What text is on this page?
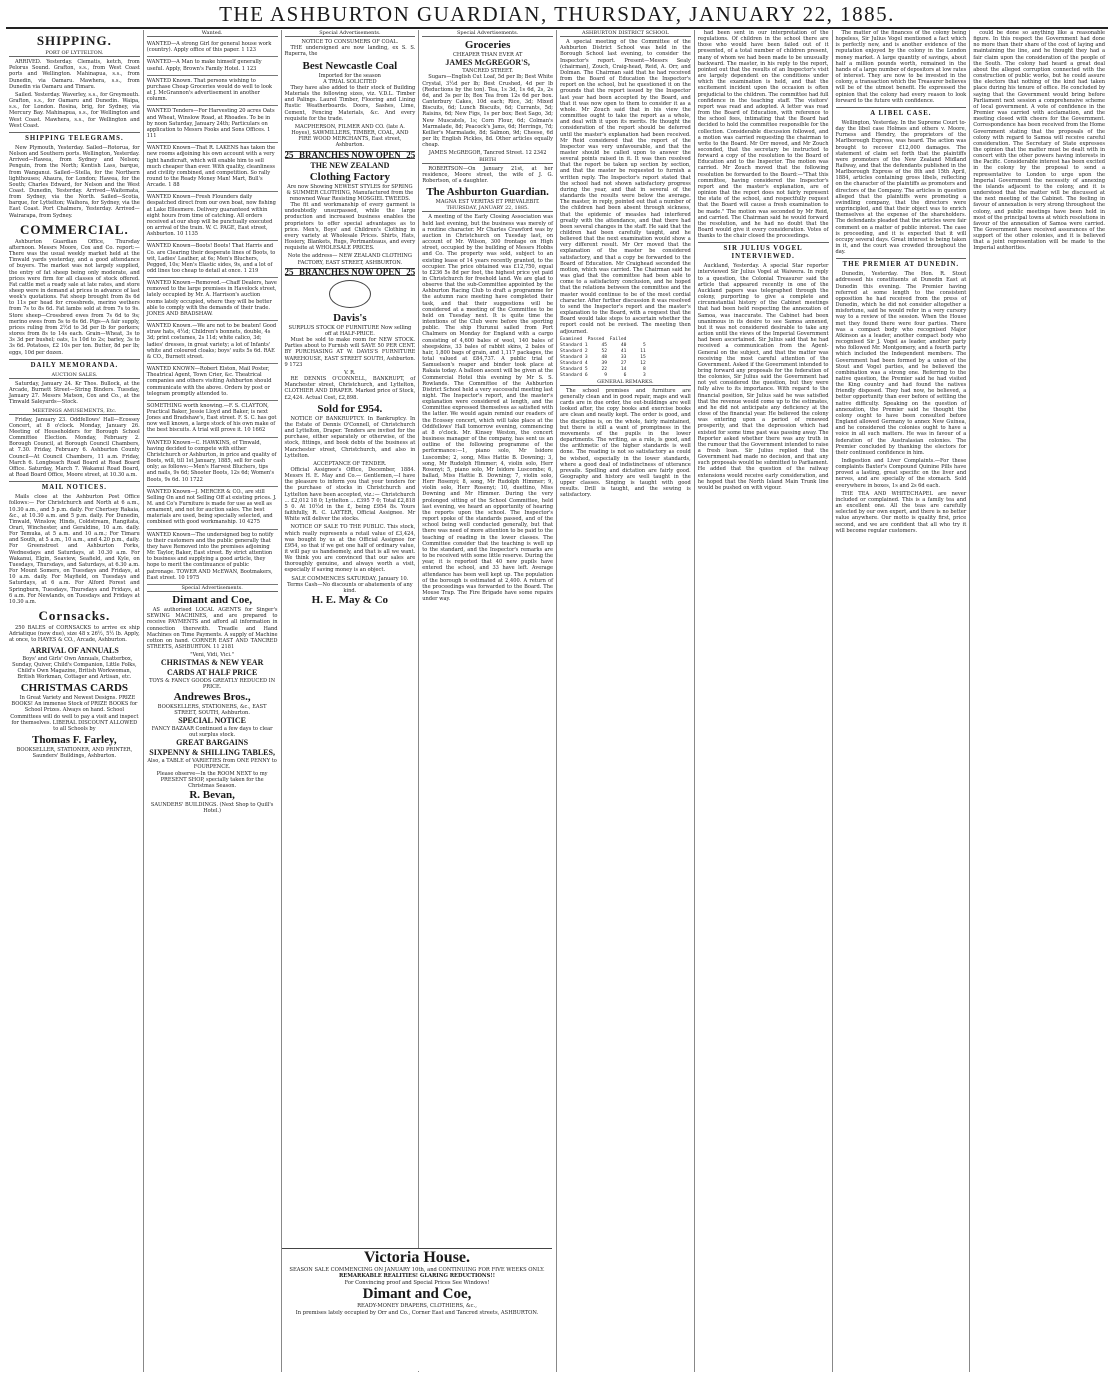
THE ASHBURTON GUARDIAN, THURSDAY, JANUARY 22, 1885.
SHIPPING.
PORT OF LYTTELTON.
ARRIVED. Yesterday. Clematis, ketch, from Pelorus Sound. Grafton, s.s., from West Coast ports and Wellington. Mahinapua, s.s., from Dunedin, via Oamaru. Mawhera, s.s., from Dunedin via Oamaru and Timaru.
Sailed. Yesterday. Waverley, s.s., for Greymouth. Grafton, s.s., for Oamaru and Dunedin. Waipa, s.s., for London. Rosina, brig, for Sydney, via Mercury Bay. Mahinapua, s.s., for Wellington and West Coast. Mawhera, s.s., for Wellington and West Coast.
SHIPPING TELEGRAMS.
New Plymouth, Yesterday. Sailed—Rotorua, for Nelson and Southern ports. Wellington, Yesterday. Arrived—Hawea, from Sydney and Nelson; Penguin, from the North; Kentish Lass, barque, from Wanganui. Sailed—Stella, for the Northern lighthouses; Ahaura, for London; Hawea, for the South; Charles Edward, for Nelson and the West Coast. Dunedin, Yesterday. Arrived—Waitemata, from Sydney, via the North. Sailed—Scotia, barque, for Lyttelton; Waihora, for Sydney, via the East Coast. Port Chalmers, Yesterday. Arrived—Wairarapa, from Sydney.
COMMERCIAL.
Ashburton Guardian Office, Thursday afternoon. Messrs Moore, Cox and Co. report:— There was the usual weekly market held at the Tinwald yards yesterday, and a good attendance of buyers. The market was not largely supplied, the entry of fat sheep being only moderate, and prices were firm for all classes of stock offered. Fat cattle met a ready sale at late rates, and store sheep were in demand at prices in advance of last week's quotations. Fat sheep brought from 8s 6d to 11s per head for crossbreds, merino wethers from 7s to 8s 6d. Fat lambs sold at from 7s to 9s. Store sheep—Crossbred ewes from 7s 6d to 9s; merino ewes from 5s to 6s 6d. Pigs—A fair supply, prices ruling from 2½d to 3d per lb for porkers; stores from 8s to 14s each. Grain—Wheat, 3s to 3s 3d per bushel; oats, 1s 10d to 2s; barley, 3s to 3s 6d. Potatoes, £2 10s per ton. Butter, 8d per lb; eggs, 10d per dozen.
DAILY MEMORANDA.
AUCTION SALES.
Saturday, January 24. Kr Thos. Bullock, at the Arcade, Burnett Street—String Binders. Tuesday, January 27. Messrs Matson, Cox and Co., at the Tinwald Saleyards—Stock.
MEETINGS AMUSEMENTS, Etc.
Friday, January 23. Oddfellows' Hall—Ecossey Concert, at 8 o'clock. Monday, January 26. Meeting of Householders for Borough School Committee Election. Monday, February 2. Borough Council, at Borough Council Chambers, at 7.30. Friday, February 6. Ashburton County Council—At Council Chambers, 11 a.m. Friday, March 6. Longbeach Road Board at Road Board Office. Saturday, March 7. Wakanui Road Board, at Road Board Office, Moore street, at 10.30 a.m.
MAIL NOTICES.
Mails close at the Ashburton Post Office follows:— For Christchurch and North at 6 a.m., 10.30 a.m., and 5 p.m. daily. For Chertsey Rakaia, &c., at 10.30 a.m. and 5 p.m. daily. For Dunedin, Tinwald, Winslow, Hinds, Coldstream, Rangitata, Orari, Winchester, and Geraldine, 10 a.m. daily. For Temuka, at 5 a.m. and 10 a.m.; For Timaru and South, at 5 a.m., 10 a.m., and 4.20 p.m., daily. For Greenstreet and Ashburton Forks, Wednesdays and Saturdays, at 10.30 a.m. For Wakanui, Elgin, Seaview, Seafield, and Kyle, on Tuesdays, Thursdays, and Saturdays, at 6.30 a.m. For Mount Somers, on Tuesdays and Fridays, at 10 a.m. daily. For Mayfield, on Tuesdays and Saturdays, at 6 a.m. For Alford Forest and Springburn, Tuesdays, Thursdays and Fridays, at 6 a.m. For Newlands, on Tuesdays and Fridays at 10.30 a.m.
Cornsacks.
250 BALES of CORNSACKS to arrive ex ship Adriatique (now due), size 48 x 26½, 5½ lb. Apply, at once, to HAYES & CO., Arcade, Ashburton.
ARRIVAL OF ANNUALS
Boys' and Girls' Own Annuals, Chatterbox, Sunday, Quiver, Child's Companion, Little Folks, Child's Own Magazine, British Workwoman, British Workman, Cottager and Artisan, etc.
CHRISTMAS CARDS
In Great Variety and Newest Designs. PRIZE BOOKS! An immense Stock of PRIZE BOOKS for School Prizes. Always on hand. School Committees will do well to pay a visit and inspect for themselves. LIBERAL DISCOUNT ALLOWED to all Schools by
Thomas F. Farley,
BOOKSELLER, STATIONER, AND PRINTER, Saunders' Buildings, Ashburton.
Wanted.
WANTED—A strong Girl for general house work (country). Apply office of this paper. 1 123
WANTED—A Man to make himself generally useful. Apply, Brown's Family Hotel. 1 123
WANTED Known. That persons wishing to purchase Cheap Groceries would do well to look at J. McGrannon's advertisement in another column.
WANTED Tenders—For Harvesting 20 acres Oats and Wheat, Winslow Road, at Rhoades. To be in by noon Saturday, January 24th; Particulars on application to Messrs Fooks and Sons Offices. 1 111
WANTED Known—That R. LAKENS has taken the new rooms adjoining his own account with a very light handicraft, which will enable him to sell much cheaper than ever. With quality, cleanliness and civility combined, and competition. So rally round to the Ready Money Man! Mart, Bull's Arcade. 1 88
WANTED Known—Fresh Flounders daily despatched direct from our own boat, now fishing at Lake Ellesmere. Delivery guaranteed within eight hours from time of catching. All orders received at our shop will be punctually executed on arrival of the train. W. C. PAGE, East street, Ashburton. 10 1135
WANTED Known—Boots! Boots! That Harris and Co. are Clearing their desperate lines of Boots, to wit, Ladies' Leather, at 6s; Men's Bluchers, Pegged, 10s; Men's Elastic sides, 9s, and a lot of odd lines too cheap to detail at once. 1 219
WANTED Known—Removed.—Chaff Dealers, have removed to the large premises in Havelock street, lately occupied by Mr. A. Harrison's auction rooms lately occupied, where they will be better able to comply with the demands of their trade. JONES AND BRADSHAW.
WANTED Known.—We are not to be beaten! Good straw hats, 4½d; Children's bonnets, double, 4s 3d; print costumes, 2s 11d; white calico, 3d; ladies' dresses, in great variety; a lot of Infants' white and coloured cloaks; boys' suits 5s 6d. RAE & CO., Burnett street.
WANTED KNOWN—Robert Elston, Mail Poster, Theatrical Agent, Town Crier, &c. Theatrical companies and others visiting Ashburton should communicate with the above. Orders by post or telegram promptly attended to.
SOMETHING worth knowing.—F. S. CLAYTON, Practical Baker, Jessie Lloyd and Baker, is next Jones and Bradshaw's, East street. F. S. C. has got now well known, a large stock of his own make of the best biscuits. A trial will prove it. 10 1662
WANTED Known—C. HAWKINS, of Tinwald, having decided to compete with either Christchurch or Ashburton, in price and quality of Boots, will, till 1st January, 1885, sell for cash only; as follows:—Men's Harvest Bluchers, tips and nails, 9s 6d; Shooter Boots, 12s 6d; Women's Boots, 9s 6d. 10 1722
WANTED Known—J. MERCER & CO., are still Selling On and not Selling Off at existing prices. J. M. and Co's Furniture is made for use as well as ornament, and not for auction sales. The best materials are used, being specially selected, and combined with good workmanship. 10 4275
WANTED Known—The undersigned beg to notify to their customers and the public generally that they have Removed into the premises adjoining Mr. Taylor, Baker, East street. By strict attention to business and supplying a good article, they hope to merit the continuance of public patronage. TOWER AND McEWAN, Bootmakers, East street. 10 1975
Special Advertisements.
Dimant and Coe,
AS authorised LOCAL AGENTS for Singer's SEWING MACHINES, and are prepared to receive PAYMENTS and afford all information in connection therewith. Treadle and Hand Machines on Time Payments. A supply of Machine cotton on hand. CORNER EAST AND TANCRED STREETS, ASHBURTON. 11 2181
"Veni, Vidi, Vici."
CHRISTMAS & NEW YEAR CARDS AT HALF PRICE
TOYS & FANCY GOODS GREATLY REDUCED IN PRICE.
Andrewes Bros.,
BOOKSELLERS, STATIONERS, &c., EAST STREET, SOUTH, Ashburton.
SPECIAL NOTICE
FANCY BAZAAR Continued a few days to clear out surplus stock.
GREAT BARGAINS
SIXPENNY & SHILLING TABLES,
Also, a TABLE of VARIETIES from ONE PENNY to FOURPENCE.
Please observe—In the ROOM NEXT to my PRESENT SHOP, specially taken for the Christmas Season.
R. Bevan,
SAUNDERS' BUILDINGS. (Next Shop to Quill's Hotel.)
Special Advertisements.
NOTICE TO CONSUMERS OF COAL.
THE undersigned are now landing, ex S. S. Ruperra, the
Best Newcastle Coal
Imported for the season
A TRIAL SOLICITED
They have also added to their stock of Building Materials the following sizes, viz. V.D.L. Timber and Palings. Laurel Timber, Flooring and Lining Rustic Weatherboards. Doors, Sashes, Lime, Cement, Fencing Materials, &c. And every requisite for the trade.
MACPHERSON, FILMER AND CO. (late A. Hoyes), SAWMILLERS, TIMBER, COAL, AND FIRE WOOD MERCHANTS, East street, Ashburton.
25 BRANCHES NOW OPEN 25
THE NEW ZEALAND
Clothing Factory
Are now Showing NEWEST STYLES for SPRING & SUMMER CLOTHING, Manufactured from the renowned Wear Resisting MOSGIEL TWEEDS.
The fit and workmanship of every garment is undoubtedly unsurpassed, while the large production and increased business enables the proprietors to offer special advantages as to price. Men's, Boys' and Children's Clothing in every variety at Wholesale Prices. Shirts, Hats, Hosiery, Blankets, Rugs, Portmanteaus, and every requisite at WHOLESALE PRICES.
Note the address— NEW ZEALAND CLOTHING FACTORY, EAST STREET, ASHBURTON.
25 BRANCHES NOW OPEN 25
Davis's
SURPLUS STOCK OF FURNITURE Now selling off at HALF-PRICE.
Must be sold to make room for NEW STOCK. Parties about to Furnish will SAVE 50 PER CENT. BY PURCHASING AT W. DAVIS'S FURNITURE WAREHOUSE, EAST STREET SOUTH, Ashburton. 9 1723
V. R.
RE DENNIS O'CONNELL, BANKRUPT, of Manchester street, Christchurch, and Lyttelton, CLOTHIER AND DRAPER. Marked price of Stock, £2,424. Actual Cost, £2,898.
Sold for £954.
NOTICE OF BANKRUPTCY. In Bankruptcy. In the Estate of Dennis O'Connell, of Christchurch and Lyttelton, Draper. Tenders are invited for the purchase, either separately or otherwise, of the stock, fittings, and book debts of the business at Manchester street, Christchurch, and also in Lyttelton.
ACCEPTANCE OF TENDER.
Official Assignee's Office, December, 1884. Messrs H. E. May and Co.— Gentlemen,—I have the pleasure to inform you that your tenders for the purchase of stocks in Christchurch and Lyttelton have been accepted, viz.:— Christchurch ... £2,012 18 0; Lyttelton ... £395 7 0; Total £2,818 5 0. At 10½d in the £, being £954 8s. Yours faithfully, R. C. LAYTER, Official Assignee. Mr White will deliver the stocks.
NOTICE OF SALE TO THE PUBLIC. This stock, which really represents a retail value of £3,424, was bought by us at the Official Assignee for £954, so that if we get one half of ordinary value, it will pay us handsomely, and that is all we want. We think you are convinced that our sales are thoroughly genuine, and always worth a visit, especially if saving money is an object.
SALE COMMENCES SATURDAY, January 10.
Terms Cash—No discounts or abatements of any kind.
H. E. May & Co
Special Advertisements.
Groceries
CHEAPER THAN EVER AT
JAMES McGREGOR'S,
TANCRED STREET.
Sugars—English Cut Loaf, 5d per lb; Best White Crystal, 3½d per lb; Best Crushed, 4d per lb (Reductions by the ton). Tea, 1s 3d, 1s 6d, 2s, 2s 6d, and 3s per lb; Box Tea from 12s 6d per box. Canterbury Cakes, 10d each; Rice, 3d; Mixed Biscuits, 6d; Lunch Biscuits, 6d; Currants, 5d; Raisins, 6d; New Figs, 1s per box; Best Sago, 3d; New Muscatels, 1s; Corn Flour, 6d; Colman's Marmalade, 8d; Peacock's Jams, 6d; Herrings, 7d; Keiller's Marmalade, 8d; Salmon, 9d; Cheese, 6d per lb; English Pickles, 8d. Other articles equally cheap.
JAMES McGREGOR, Tancred Street. 12 2342
BIRTH
ROBERTSON—On January 21st, at her residence, Moore street, the wife of J. G. Robertson, of a daughter.
The Ashburton Guardian.
MAGNA EST VERITAS ET PREVALEBIT.
THURSDAY, JANUARY 22, 1885.
A meeting of the Early Closing Association was held last evening, but the business was merely of a routine character. Mr Charles Crawford was by auction in Christchurch on Tuesday last, on account of Mr. Wilson, 300 frontage on High street, occupied by the building of Messrs Hobbs and Co. The property was sold, subject to an existing lease of 14 years recently granted, to the occupier. The price obtained was £12,750, equal to £236 5s 8d per foot, the highest price yet paid in Christchurch for freehold land. We are glad to observe that the sub-Committee appointed by the Ashburton Racing Club to draft a programme for the autumn race meeting have completed their task, and that their suggestions will be considered at a meeting of the Committee to be held on Tuesday next. It is quite time the intentions of the Club were before the sporting public. The ship Hurunui sailed from Port Chalmers on Monday for England with a cargo consisting of 4,600 bales of wool, 140 bales of sheepskins, 33 bales of rabbit skins, 2 bales of hair, 1,800 bags of grain, and 1,117 packages, the total valued at £84,737. A public trial of Samuelson's reaper and binder took place at Rakaia today. A balloon ascent will be given at the Commercial Hotel this evening by Mr S. S. Rowlands. The Committee of the Ashburton District School held a very successful meeting last night. The Inspector's report, and the master's explanation were considered at length, and the Committee expressed themselves as satisfied with the latter. We would again remind our readers of the Ecossey concert, which will take place at the Oddfellows' Hall tomorrow evening, commencing at 8 o'clock. Mr. Kinsey Weston, the concert business manager of the company, has sent us an outline of the following programme of the performance:—1, piano solo, Mr Isidore Luscombe; 2, song, Miss Hattie B. Downing; 3, song, Mr Rudolph Himmer; 4, violin solo, Herr Rosenyi; 5, piano solo, Mr Isidore Luscombe; 6, ballad, Miss Hattie B. Downing; 7, violin solo, Herr Rosenyi; 8, song, Mr Rudolph Himmer; 9, violin solo, Herr Rosenyi; 10, duettino, Miss Downing and Mr Himmer. During the very prolonged sitting of the School Committee, held last evening, we heard an opportunity of hearing the reports upon the school. The Inspector's report spoke of the standards passed, and of the school being well conducted generally, but that there was need of more attention to be paid to the teaching of reading in the lower classes. The Committee consider that the teaching is well up to the standard, and the Inspector's remarks are to be received with some little reserve. During the year, it is reported that 40 new pupils have entered the school, and 33 have left. Average attendance has been well kept up. The population of the borough is estimated at 2,400. A return of the proceedings was forwarded to the Board. The Mouse Trap. The Fire Brigade have some repairs under way.
ASHBURTON DISTRICT SCHOOL
A special meeting of the Committee of the Ashburton District School was held in the Borough School last evening, to consider the Inspector's report. Present—Messrs Sealy (chairman), Zouch, Craig-head, Reid, A. Orr, and Dolman. The Chairman said that he had received from the Board of Education the Inspector's report on the school, but he questioned it on the grounds that the report issued by the Inspector last year had been accepted by the Board, and that it was now open to them to consider it as a whole. Mr Zouch said that in his view the committee ought to take the report as a whole, and deal with it upon its merits. He thought the consideration of the report should be deferred until the master's explanation had been received. Mr Reid considered that the report of the Inspector was very unfavourable, and that the master should be called upon to answer the several points raised in it. It was then resolved that the report be taken up section by section, and that the master be requested to furnish a written reply. The Inspector's report stated that the school had not shown satisfactory progress during the year, and that in several of the standards the results were below the average. The master, in reply, pointed out that a number of the children had been absent through sickness, that the epidemic of measles had interfered greatly with the attendance, and that there had been several changes in the staff. He said that the children had been carefully taught, and he believed that the next examination would show a very different result. Mr Orr moved that the explanation of the master be considered satisfactory, and that a copy be forwarded to the Board of Education. Mr Craighead seconded the motion, which was carried. The Chairman said he was glad that the committee had been able to come to a satisfactory conclusion, and he hoped that the relations between the committee and the master would continue to be of the most cordial character. After further discussion it was resolved to send the Inspector's report and the master's explanation to the Board, with a request that the Board would take steps to ascertain whether the report could not be revised. The meeting then adjourned.
Examined  Passed  Failed
Standard 1     45     40      5
Standard 2     52     41     11
Standard 3     48     33     15
Standard 4     39     27     12
Standard 5     22     14      8
Standard 6      9      6      3
GENERAL REMARKS.
The school premises and furniture are generally clean and in good repair, maps and wall cards are in due order, the out-buildings are well looked after, the copy books and exercise books are clean and neatly kept. The order is good, and the discipline is, on the whole, fairly maintained, but there is still a want of promptness in the movements of the pupils in the lower departments. The writing, as a rule, is good, and the arithmetic of the higher standards is well done. The reading is not so satisfactory as could be wished, especially in the lower standards, where a good deal of indistinctness of utterance prevails. Spelling and dictation are fairly good. Geography and history are well taught in the upper classes. Singing is taught with good results. Drill is taught, and the sewing is satisfactory.
had been sent in our interpretation of the regulations. Of children in the school there are those who would have been failed out of it presented, of a total number of children present, many of whom we had been made to be unusually backward. The master, in his reply to the report, pointed out that the results of an Inspector's visit are largely dependent on the conditions under which the examination is held, and that the excitement incident upon the occasion is often prejudicial to the children. The committee had full confidence in the teaching staff. The visitors' report was read and adopted. A letter was read from the Board of Education, with reference to the school fees, intimating that the Board had decided to hold the committee responsible for the collection. Considerable discussion followed, and a motion was carried requesting the chairman to write to the Board. Mr Orr moved, and Mr Zouch seconded, that the secretary be instructed to forward a copy of the resolution to the Board of Education and to the Inspector. The motion was carried. Mr Zouch moved that the following resolution be forwarded to the Board:—"That this committee, having considered the Inspector's report and the master's explanation, are of opinion that the report does not fairly represent the state of the school, and respectfully request that the Board will cause a fresh examination to be made." The motion was seconded by Mr Reid, and carried. The Chairman said he would forward the resolution, and he had no doubt that the Board would give it every consideration. Votes of thanks to the chair closed the proceedings.
SIR JULIUS VOGEL INTERVIEWED.
Auckland, Yesterday. A special Star reporter interviewed Sir Julius Vogel at Waiwera. In reply to a question, the Colonial Treasurer said the article that appeared recently in one of the Auckland papers was telegraphed through the colony, purporting to give a complete and circumstantial history of the Cabinet meetings that had been held respecting the annexation of Samoa, was inaccurate. The Cabinet had been unanimous in its desire to see Samoa annexed, but it was not considered desirable to take any action until the views of the Imperial Government had been ascertained. Sir Julius said that he had received a communication from the Agent-General on the subject, and that the matter was receiving the most careful attention of the Government. Asked if the Government intended to bring forward any proposals for the federation of the colonies, Sir Julius said the Government had not yet considered the question, but they were fully alive to its importance. With regard to the financial position, Sir Julius said he was satisfied that the revenue would come up to the estimates, and he did not anticipate any deficiency at the close of the financial year. He believed the colony was entering upon a period of renewed prosperity, and that the depression which had existed for some time past was passing away. The Reporter asked whether there was any truth in the rumour that the Government intended to raise a fresh loan. Sir Julius replied that the Government had made no decision, and that any such proposals would be submitted to Parliament. He added that the question of the railway extensions would receive early consideration, and he hoped that the North Island Main Trunk line would be pushed on with vigour.
The matter of the finances of the colony being hopeless, Sir Julius Vogel mentioned a fact which is perfectly new, and is another evidence of the reputation enjoyed by the colony in the London money market. A large quantity of savings, about half a million pounds worth, remained in the hands of a large number of depositors at low rates of interest. They are now to be invested in the colony, a transaction which the Treasurer believes will be of the utmost benefit. He expressed the opinion that the colony had every reason to look forward to the future with confidence.
A LIBEL CASE.
Wellington, Yesterday. In the Supreme Court to-day the libel case Holmes and others v. Moore, Furness and Hendry, the proprietors of the Marlborough Express, was heard. The action was brought to recover £12,000 damages. The statement of claim set forth that the plaintiffs were promoters of the New Zealand Midland Railway, and that the defendants published in the Marlborough Express of the 8th and 15th April, 1884, articles containing gross libels, reflecting on the character of the plaintiffs as promoters and directors of the Company. The articles in question alleged that the plaintiffs were promoting a swindling company, that the directors were unprincipled, and that their object was to enrich themselves at the expense of the shareholders. The defendants pleaded that the articles were fair comment on a matter of public interest. The case is proceeding, and it is expected that it will occupy several days. Great interest is being taken in it, and the court was crowded throughout the day.
THE PREMIER AT DUNEDIN.
Dunedin, Yesterday. The Hon. R. Stout addressed his constituents at Dunedin East at Dunedin this evening. The Premier having referred at some length to the consistent opposition he had received from the press of Dunedin, which he did not consider altogether a misfortune, said he would refer in a very cursory way to a review of the session. When the House met they found there were four parties. There was a compact body who recognised Major Atkinson as a leader, another compact body who recognised Sir J. Vogel as leader, another party who followed Mr. Montgomery, and a fourth party which included the Independent members. The Government had been formed by a union of the Stout and Vogel parties, and he believed the combination was a strong one. Referring to the native question, the Premier said he had visited the King country and had found the natives friendly disposed. They had now, he believed, a better opportunity than ever before of settling the native difficulty. Speaking on the question of annexation, the Premier said he thought the colony ought to have been consulted before England allowed Germany to annex New Guinea, and he considered the colonies ought to have a voice in all such matters. He was in favour of a federation of the Australasian colonies. The Premier concluded by thanking the electors for their continued confidence in him.
Indigestion and Liver Complaints.—For these complaints Baxter's Compound Quinine Pills have proved a lasting, great specific on the liver and nerves, and are specially of the stomach. Sold everywhere in boxes, 1s and 2s 6d each.
THE TEA AND WHITECHAPEL are never included or complained. This is a family tea and an excellent one. All the teas are carefully selected by our own expert, and there is no better value anywhere. Our motto is quality first, price second, and we are confident that all who try it will become regular customers.
could be done so anything like a reasonable figure. In this respect the Government had done no more than their share of the cost of laying and maintaining the line, and he thought they had a fair claim upon the consideration of the people of the South. The colony had heard a great deal about the alleged corruption connected with the construction of public works, but he could assure the electors that nothing of the kind had taken place during his tenure of office. He concluded by saying that the Government would bring before Parliament next session a comprehensive scheme of local government. A vote of confidence in the Premier was carried with acclamation, and the meeting closed with cheers for the Government. Correspondence has been received from the Home Government stating that the proposals of the colony with regard to Samoa will receive careful consideration. The Secretary of State expresses the opinion that the matter must be dealt with in concert with the other powers having interests in the Pacific. Considerable interest has been excited in the colony by the proposal to send a representative to London to urge upon the Imperial Government the necessity of annexing the islands adjacent to the colony, and it is understood that the matter will be discussed at the next meeting of the Cabinet. The feeling in favour of annexation is very strong throughout the colony, and public meetings have been held in most of the principal towns at which resolutions in favour of the annexation of Samoa were carried. The Government have received assurances of the support of the other colonies, and it is believed that a joint representation will be made to the Imperial authorities.
Victoria House.
SEASON SALE COMMENCING ON JANUARY 10th, and CONTINUING FOR FIVE WEEKS ONLY.
REMARKABLE REALITIES! GLARING REDUCTIONS!!
For Convincing proof and Special Prices See Windows!
Dimant and Coe,
READY-MONEY DRAPERS, CLOTHIERS, &c.,
In premises lately occupied by Orr and Co., Corner East and Tancred streets, ASHBURTON.
